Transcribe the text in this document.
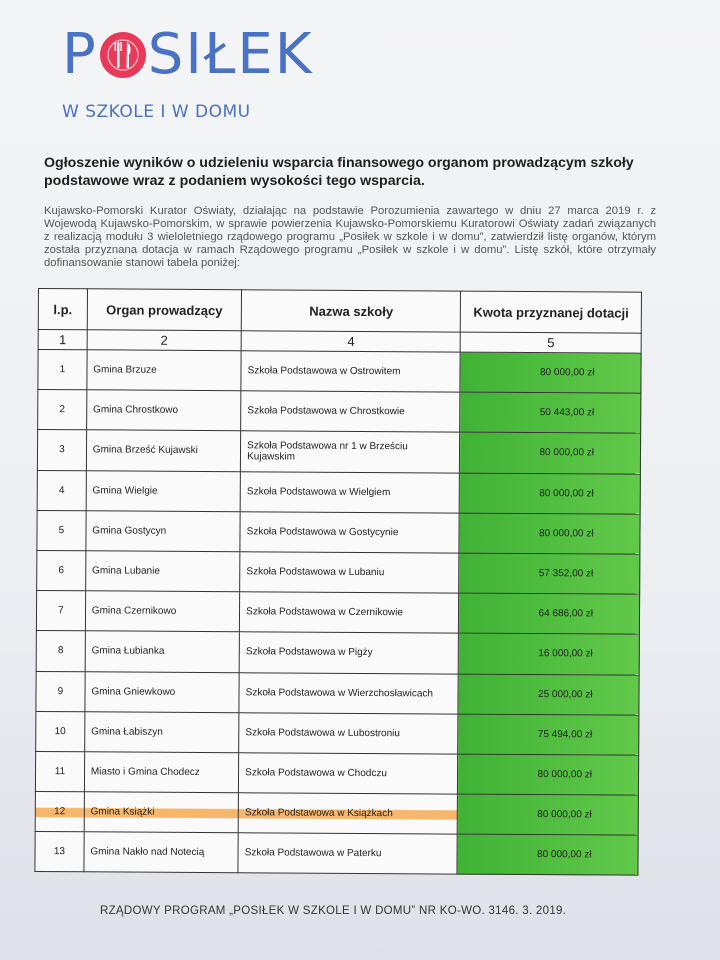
P SIŁEK
W SZKOLE I W DOMU
Ogłoszenie wyników o udzieleniu wsparcia finansowego organom prowadzącym szkoły podstawowe wraz z podaniem wysokości tego wsparcia.
Kujawsko-Pomorski Kurator Oświaty, działając na podstawie Porozumienia zawartego w dniu 27 marca 2019 r. z Wojewodą Kujawsko-Pomorskim, w sprawie powierzenia Kujawsko-Pomorskiemu Kuratorowi Oświaty zadań związanych z realizacją modułu 3 wieloletniego rządowego programu „Posiłek w szkole i w domu”, zatwierdził listę organów, którym została przyznana dotacja w ramach Rządowego programu „Posiłek w szkole i w domu”. Listę szkół, które otrzymały dofinansowanie stanowi tabela poniżej:
l.p.	Organ prowadzący	Nazwa szkoły	Kwota przyznanej dotacji
1	2	4	5
1	Gmina Brzuze	Szkoła Podstawowa w Ostrowitem	80 000,00 zł
2	Gmina Chrostkowo	Szkoła Podstawowa w Chrostkowie	50 443,00 zł
3	Gmina Brześć Kujawski	Szkoła Podstawowa nr 1 w Brześciu Kujawskim	80 000,00 zł
4	Gmina Wielgie	Szkoła Podstawowa w Wielgiem	80 000,00 zł
5	Gmina Gostycyn	Szkoła Podstawowa w Gostycynie	80 000,00 zł
6	Gmina Lubanie	Szkoła Podstawowa w Lubaniu	57 352,00 zł
7	Gmina Czernikowo	Szkoła Podstawowa w Czernikowie	64 686,00 zł
8	Gmina Łubianka	Szkoła Podstawowa w Pigży	16 000,00 zł
9	Gmina Gniewkowo	Szkoła Podstawowa w Wierzchosławicach	25 000,00 zł
10	Gmina Łabiszyn	Szkoła Podstawowa w Lubostroniu	75 494,00 zł
11	Miasto i Gmina Chodecz	Szkoła Podstawowa w Chodczu	80 000,00 zł
12	Gmina Książki	Szkoła Podstawowa w Książkach	80 000,00 zł
13	Gmina Nakło nad Notecią	Szkoła Podstawowa w Paterku	80 000,00 zł
RZĄDOWY PROGRAM „POSIŁEK W SZKOLE I W DOMU” NR KO-WO. 3146. 3. 2019.
